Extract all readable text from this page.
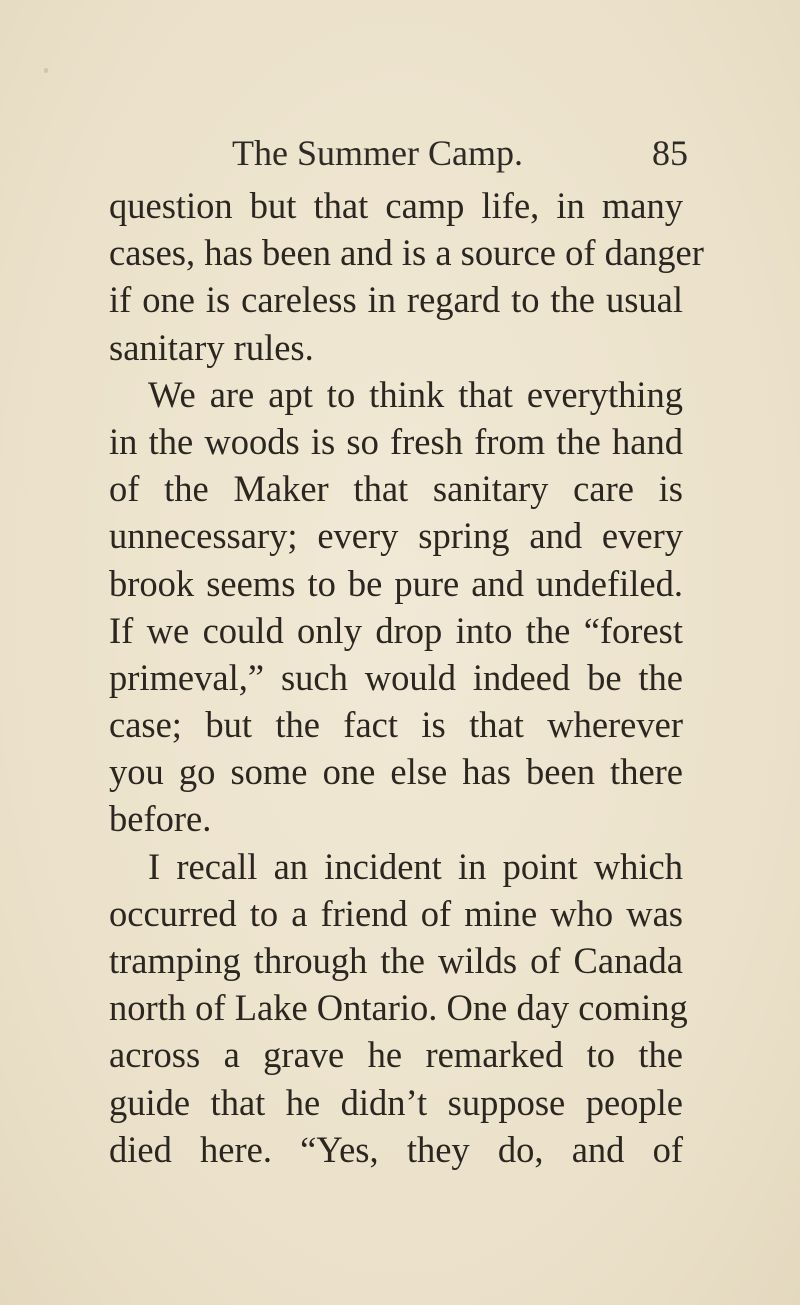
The Summer Camp.	85
question but that camp life, in many
cases, has been and is a source of danger
if one is careless in regard to the usual
sanitary rules.
We are apt to think that everything
in the woods is so fresh from the hand
of the Maker that sanitary care is
unnecessary; every spring and every
brook seems to be pure and undefiled.
If we could only drop into the “forest
primeval,” such would indeed be the
case; but the fact is that wherever
you go some one else has been there
before.
I recall an incident in point which
occurred to a friend of mine who was
tramping through the wilds of Canada
north of Lake Ontario. One day coming
across a grave he remarked to the
guide that he didn’t suppose people
died here. “Yes, they do, and of
